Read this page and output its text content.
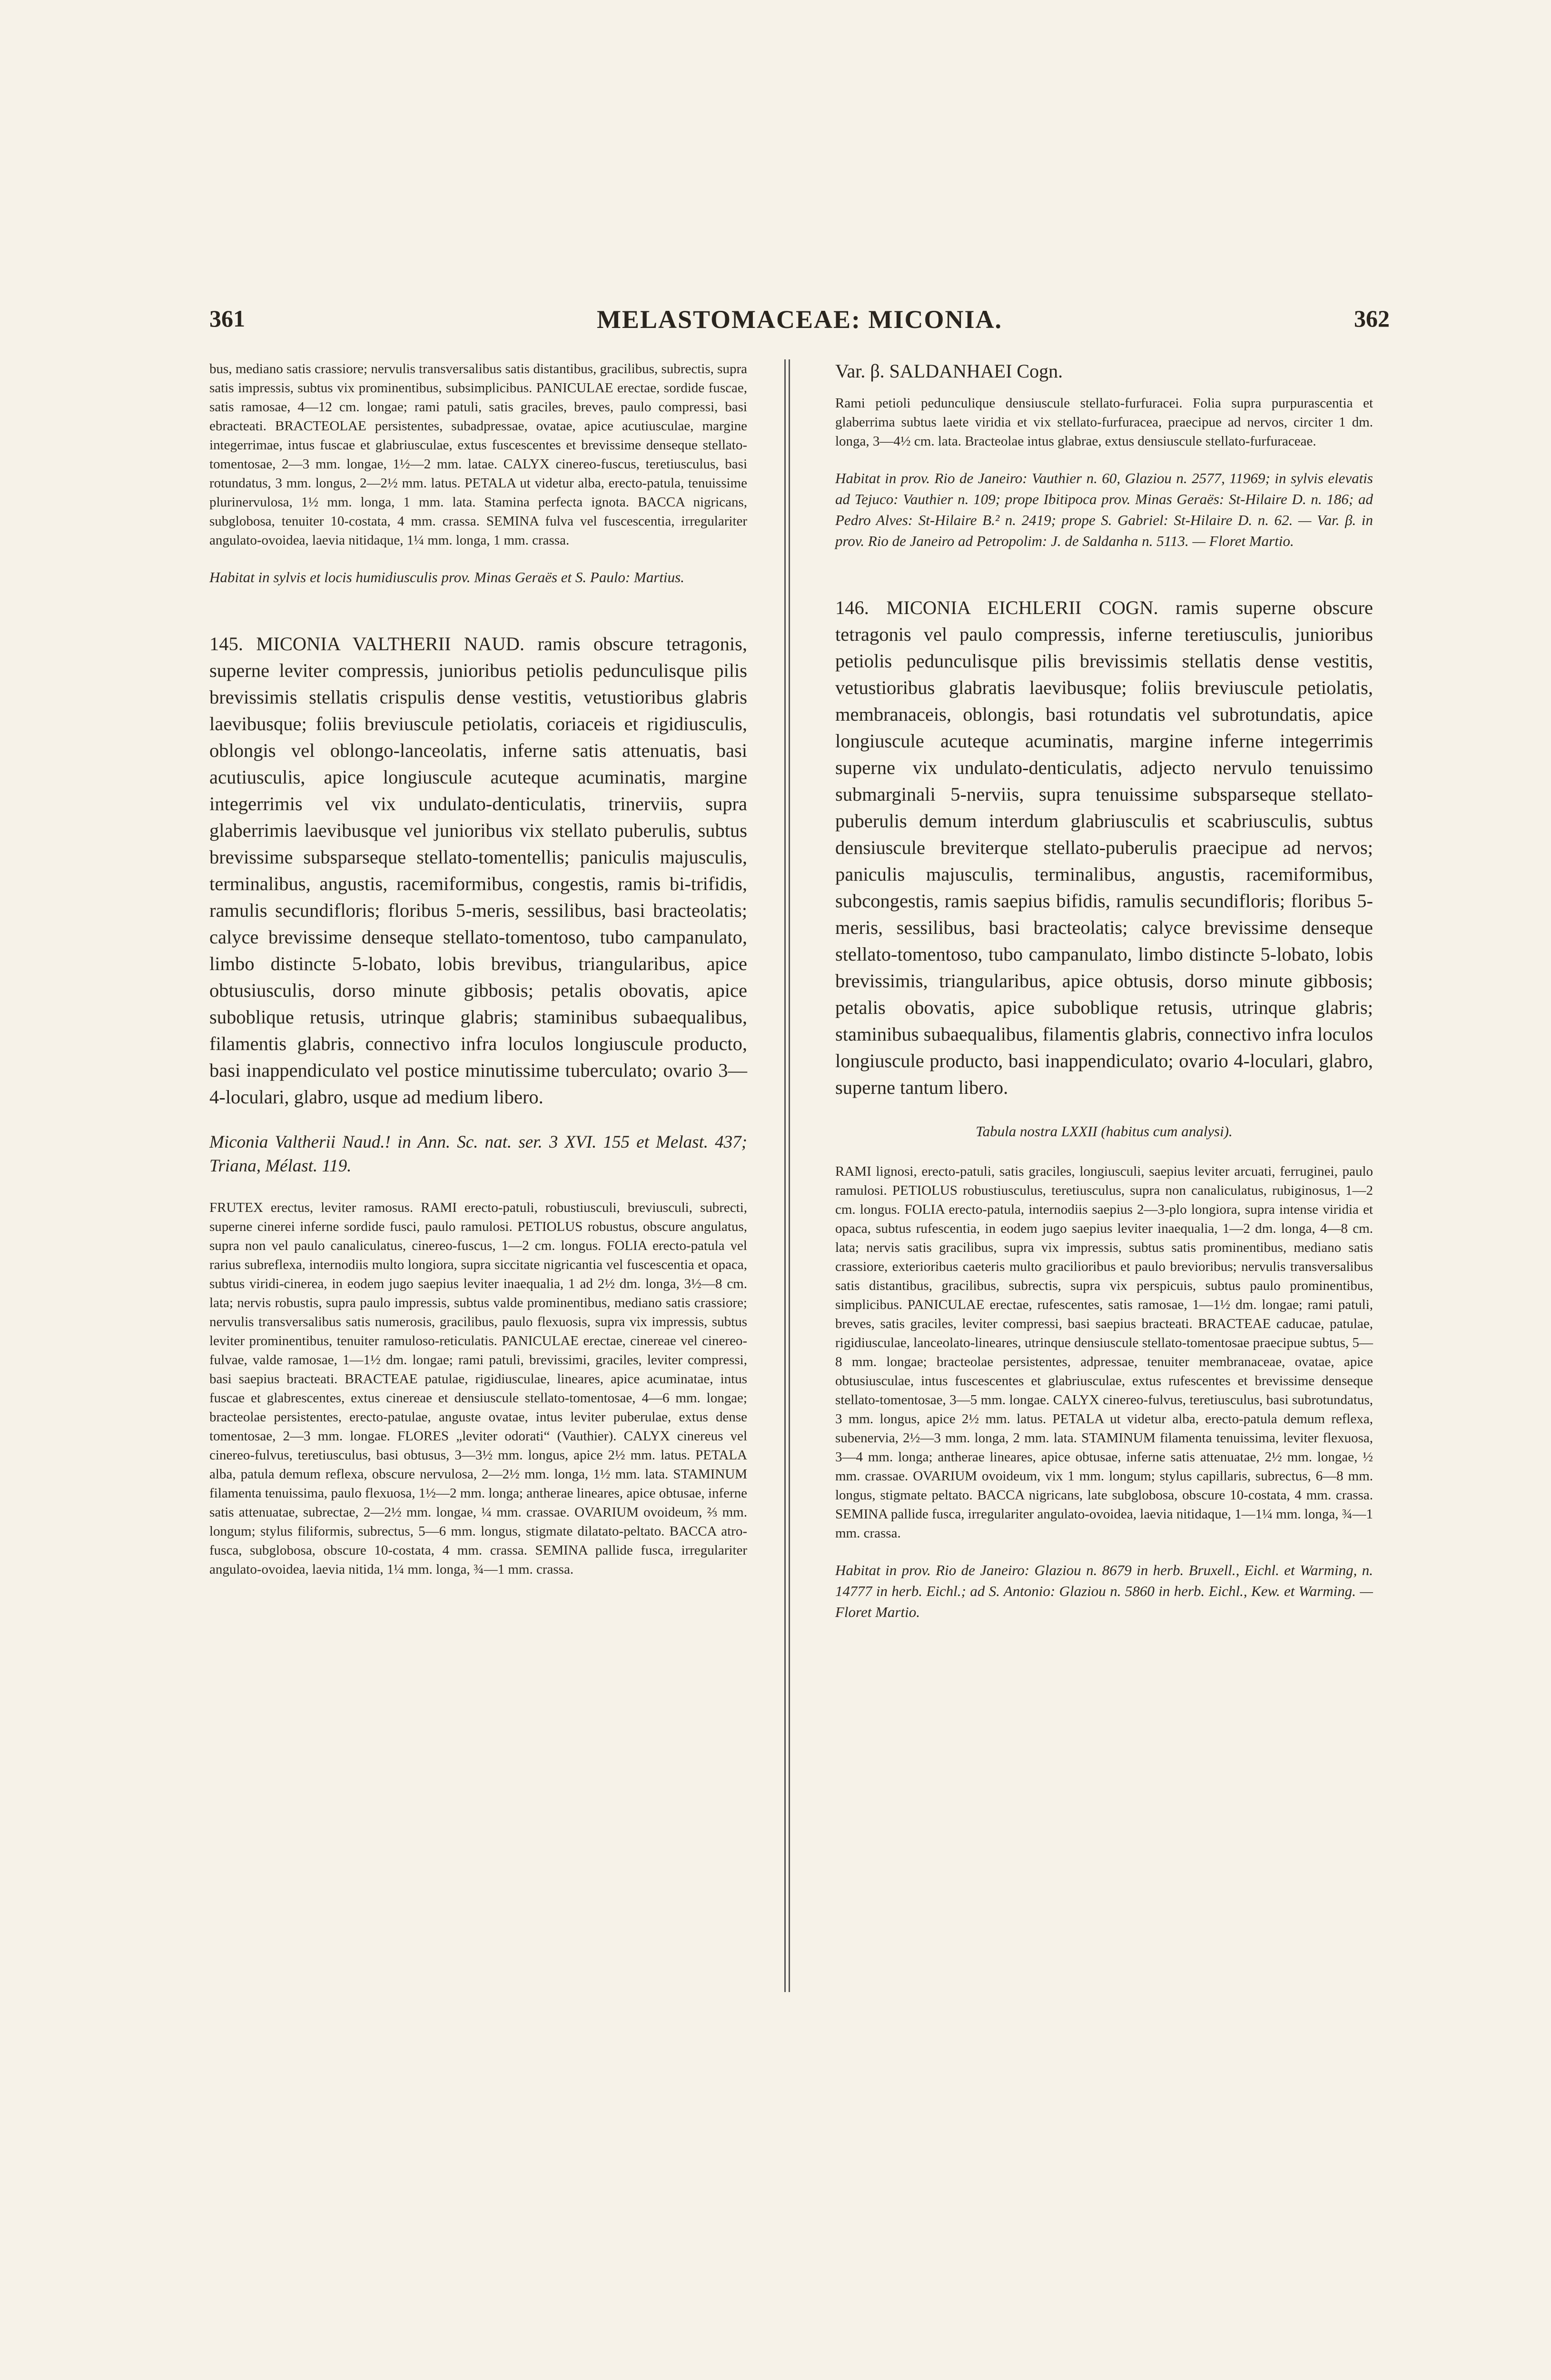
361	MELASTOMACEAE: MICONIA.	362

bus, mediano satis crassiore; nervulis transversalibus satis distantibus, gracilibus, subrectis, supra satis impressis, subtus vix prominentibus, subsimplicibus. PANICULAE erectae, sordide fuscae, satis ramosae, 4—12 cm. longae; rami patuli, satis graciles, breves, paulo compressi, basi ebracteati. BRACTEOLAE persistentes, subadpressae, ovatae, apice acutiusculae, margine integerrimae, intus fuscae et glabriusculae, extus fuscescentes et brevissime denseque stellato-tomentosae, 2—3 mm. longae, 1½—2 mm. latae. CALYX cinereo-fuscus, teretiusculus, basi rotundatus, 3 mm. longus, 2—2½ mm. latus. PETALA ut videtur alba, erecto-patula, tenuissime plurinervulosa, 1½ mm. longa, 1 mm. lata. Stamina perfecta ignota. BACCA nigricans, subglobosa, tenuiter 10-costata, 4 mm. crassa. SEMINA fulva vel fuscescentia, irregulariter angulato-ovoidea, laevia nitidaque, 1¼ mm. longa, 1 mm. crassa.

Habitat in sylvis et locis humidiusculis prov. Minas Geraës et S. Paulo: Martius.

145. MICONIA VALTHERII NAUD. ramis obscure tetragonis, superne leviter compressis, junioribus petiolis pedunculisque pilis brevissimis stellatis crispulis dense vestitis, vetustioribus glabris laevibusque; foliis breviuscule petiolatis, coriaceis et rigidiusculis, oblongis vel oblongo-lanceolatis, inferne satis attenuatis, basi acutiusculis, apice longiuscule acuteque acuminatis, margine integerrimis vel vix undulato-denticulatis, trinerviis, supra glaberrimis laevibusque vel junioribus vix stellato puberulis, subtus brevissime subsparseque stellato-tomentellis; paniculis majusculis, terminalibus, angustis, racemiformibus, congestis, ramis bi-trifidis, ramulis secundifloris; floribus 5-meris, sessilibus, basi bracteolatis; calyce brevissime denseque stellato-tomentoso, tubo campanulato, limbo distincte 5-lobato, lobis brevibus, triangularibus, apice obtusiusculis, dorso minute gibbosis; petalis obovatis, apice suboblique retusis, utrinque glabris; staminibus subaequalibus, filamentis glabris, connectivo infra loculos longiuscule producto, basi inappendiculato vel postice minutissime tuberculato; ovario 3—4-loculari, glabro, usque ad medium libero.

Miconia Valtherii Naud.! in Ann. Sc. nat. ser. 3 XVI. 155 et Melast. 437; Triana, Mélast. 119.

FRUTEX erectus, leviter ramosus. RAMI erecto-patuli, robustiusculi, breviusculi, subrecti, superne cinerei inferne sordide fusci, paulo ramulosi. PETIOLUS robustus, obscure angulatus, supra non vel paulo canaliculatus, cinereo-fuscus, 1—2 cm. longus. FOLIA erecto-patula vel rarius subreflexa, internodiis multo longiora, supra siccitate nigricantia vel fuscescentia et opaca, subtus viridi-cinerea, in eodem jugo saepius leviter inaequalia, 1 ad 2½ dm. longa, 3½—8 cm. lata; nervis robustis, supra paulo impressis, subtus valde prominentibus, mediano satis crassiore; nervulis transversalibus satis numerosis, gracilibus, paulo flexuosis, supra vix impressis, subtus leviter prominentibus, tenuiter ramuloso-reticulatis. PANICULAE erectae, cinereae vel cinereo-fulvae, valde ramosae, 1—1½ dm. longae; rami patuli, brevissimi, graciles, leviter compressi, basi saepius bracteati. BRACTEAE patulae, rigidiusculae, lineares, apice acuminatae, intus fuscae et glabrescentes, extus cinereae et densiuscule stellato-tomentosae, 4—6 mm. longae; bracteolae persistentes, erecto-patulae, anguste ovatae, intus leviter puberulae, extus dense tomentosae, 2—3 mm. longae. FLORES „leviter odorati“ (Vauthier). CALYX cinereus vel cinereo-fulvus, teretiusculus, basi obtusus, 3—3½ mm. longus, apice 2½ mm. latus. PETALA alba, patula demum reflexa, obscure nervulosa, 2—2½ mm. longa, 1½ mm. lata. STAMINUM filamenta tenuissima, paulo flexuosa, 1½—2 mm. longa; antherae lineares, apice obtusae, inferne satis attenuatae, subrectae, 2—2½ mm. longae, ¼ mm. crassae. OVARIUM ovoideum, ⅔ mm. longum; stylus filiformis, subrectus, 5—6 mm. longus, stigmate dilatato-peltato. BACCA atro-fusca, subglobosa, obscure 10-costata, 4 mm. crassa. SEMINA pallide fusca, irregulariter angulato-ovoidea, laevia nitida, 1¼ mm. longa, ¾—1 mm. crassa.

Var. β. SALDANHAEI Cogn.

Rami petioli pedunculique densiuscule stellato-furfuracei. Folia supra purpurascentia et glaberrima subtus laete viridia et vix stellato-furfuracea, praecipue ad nervos, circiter 1 dm. longa, 3—4½ cm. lata. Bracteolae intus glabrae, extus densiuscule stellato-furfuraceae.

Habitat in prov. Rio de Janeiro: Vauthier n. 60, Glaziou n. 2577, 11969; in sylvis elevatis ad Tejuco: Vauthier n. 109; prope Ibitipoca prov. Minas Geraës: St-Hilaire D. n. 186; ad Pedro Alves: St-Hilaire B.² n. 2419; prope S. Gabriel: St-Hilaire D. n. 62. — Var. β. in prov. Rio de Janeiro ad Petropolim: J. de Saldanha n. 5113. — Floret Martio.

146. MICONIA EICHLERII COGN. ramis superne obscure tetragonis vel paulo compressis, inferne teretiusculis, junioribus petiolis pedunculisque pilis brevissimis stellatis dense vestitis, vetustioribus glabratis laevibusque; foliis breviuscule petiolatis, membranaceis, oblongis, basi rotundatis vel subrotundatis, apice longiuscule acuteque acuminatis, margine inferne integerrimis superne vix undulato-denticulatis, adjecto nervulo tenuissimo submarginali 5-nerviis, supra tenuissime subsparseque stellato-puberulis demum interdum glabriusculis et scabriusculis, subtus densiuscule breviterque stellato-puberulis praecipue ad nervos; paniculis majusculis, terminalibus, angustis, racemiformibus, subcongestis, ramis saepius bifidis, ramulis secundifloris; floribus 5-meris, sessilibus, basi bracteolatis; calyce brevissime denseque stellato-tomentoso, tubo campanulato, limbo distincte 5-lobato, lobis brevissimis, triangularibus, apice obtusis, dorso minute gibbosis; petalis obovatis, apice suboblique retusis, utrinque glabris; staminibus subaequalibus, filamentis glabris, connectivo infra loculos longiuscule producto, basi inappendiculato; ovario 4-loculari, glabro, superne tantum libero.

Tabula nostra LXXII (habitus cum analysi).

RAMI lignosi, erecto-patuli, satis graciles, longiusculi, saepius leviter arcuati, ferruginei, paulo ramulosi. PETIOLUS robustiusculus, teretiusculus, supra non canaliculatus, rubiginosus, 1—2 cm. longus. FOLIA erecto-patula, internodiis saepius 2—3-plo longiora, supra intense viridia et opaca, subtus rufescentia, in eodem jugo saepius leviter inaequalia, 1—2 dm. longa, 4—8 cm. lata; nervis satis gracilibus, supra vix impressis, subtus satis prominentibus, mediano satis crassiore, exterioribus caeteris multo gracilioribus et paulo brevioribus; nervulis transversalibus satis distantibus, gracilibus, subrectis, supra vix perspicuis, subtus paulo prominentibus, simplicibus. PANICULAE erectae, rufescentes, satis ramosae, 1—1½ dm. longae; rami patuli, breves, satis graciles, leviter compressi, basi saepius bracteati. BRACTEAE caducae, patulae, rigidiusculae, lanceolato-lineares, utrinque densiuscule stellato-tomentosae praecipue subtus, 5—8 mm. longae; bracteolae persistentes, adpressae, tenuiter membranaceae, ovatae, apice obtusiusculae, intus fuscescentes et glabriusculae, extus rufescentes et brevissime denseque stellato-tomentosae, 3—5 mm. longae. CALYX cinereo-fulvus, teretiusculus, basi subrotundatus, 3 mm. longus, apice 2½ mm. latus. PETALA ut videtur alba, erecto-patula demum reflexa, subenervia, 2½—3 mm. longa, 2 mm. lata. STAMINUM filamenta tenuissima, leviter flexuosa, 3—4 mm. longa; antherae lineares, apice obtusae, inferne satis attenuatae, 2½ mm. longae, ½ mm. crassae. OVARIUM ovoideum, vix 1 mm. longum; stylus capillaris, subrectus, 6—8 mm. longus, stigmate peltato. BACCA nigricans, late subglobosa, obscure 10-costata, 4 mm. crassa. SEMINA pallide fusca, irregulariter angulato-ovoidea, laevia nitidaque, 1—1¼ mm. longa, ¾—1 mm. crassa.

Habitat in prov. Rio de Janeiro: Glaziou n. 8679 in herb. Bruxell., Eichl. et Warming, n. 14777 in herb. Eichl.; ad S. Antonio: Glaziou n. 5860 in herb. Eichl., Kew. et Warming. — Floret Martio.
